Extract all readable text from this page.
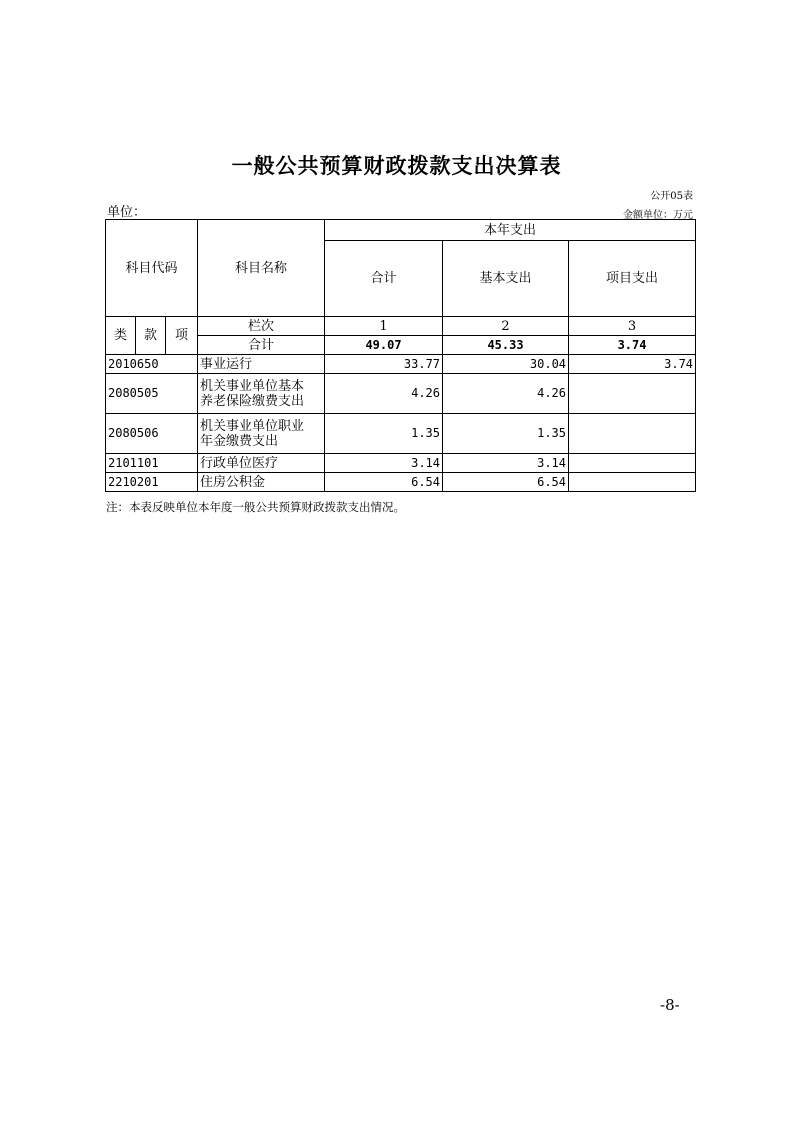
一般公共预算财政拨款支出决算表
公开05表
单位：	金额单位：万元
科目代码			科目名称	本年支出		
				合计	基本支出	项目支出
类	款	项	栏次	1	2	3
			合计	49.07	45.33	3.74
2010650			事业运行	33.77	30.04	3.74
2080505			机关事业单位基本
养老保险缴费支出	4.26	4.26	
2080506			机关事业单位职业
年金缴费支出	1.35	1.35	
2101101			行政单位医疗	3.14	3.14	
2210201			住房公积金	6.54	6.54	
注：本表反映单位本年度一般公共预算财政拨款支出情况。
-8-
